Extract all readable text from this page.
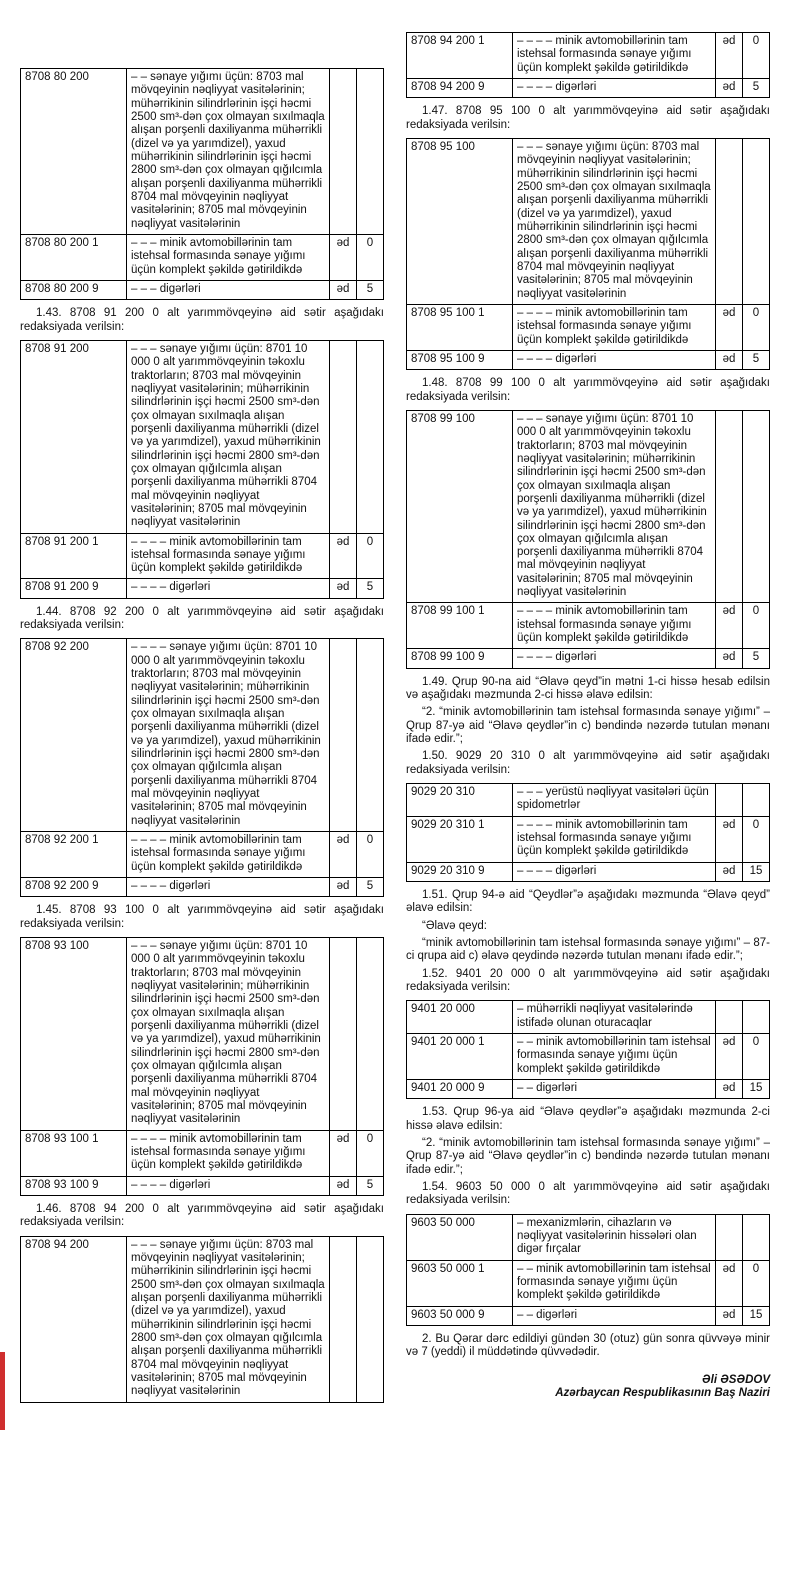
8708 80 200	– – sənaye yığımı üçün: 8703 mal mövqeyinin nəqliyyat vasitələrinin; mühərrikinin silindrlərinin işçi həcmi 2500 sm³-dən çox olmayan sıxılmaqla alışan porşenli daxiliyanma mühərrikli (dizel və ya yarımdizel), yaxud mühərrikinin silindrlərinin işçi həcmi 2800 sm³-dən çox olmayan qığılcımla alışan porşenli daxiliyanma mühərrikli 8704 mal mövqeyinin nəqliyyat vasitələrinin; 8705 mal mövqeyinin nəqliyyat vasitələrinin		
8708 80 200 1	– – – minik avtomobillərinin tam istehsal formasında sənaye yığımı üçün komplekt şəkildə gətirildikdə	əd	0
8708 80 200 9	– – – digərləri	əd	5

1.43. 8708 91 200 0 alt yarımmövqeyinə aid sətir aşağıdakı redaksiyada verilsin:

8708 91 200	– – – sənaye yığımı üçün: 8701 10 000 0 alt yarımmövqeyinin təkoxlu traktorların; 8703 mal mövqeyinin nəqliyyat vasitələrinin; mühərrikinin silindrlərinin işçi həcmi 2500 sm³-dən çox olmayan sıxılmaqla alışan porşenli daxiliyanma mühərrikli (dizel və ya yarımdizel), yaxud mühərrikinin silindrlərinin işçi həcmi 2800 sm³-dən çox olmayan qığılcımla alışan porşenli daxiliyanma mühərrikli 8704 mal mövqeyinin nəqliyyat vasitələrinin; 8705 mal mövqeyinin nəqliyyat vasitələrinin		
8708 91 200 1	– – – – minik avtomobillərinin tam istehsal formasında sənaye yığımı üçün komplekt şəkildə gətirildikdə	əd	0
8708 91 200 9	– – – – digərləri	əd	5

1.44. 8708 92 200 0 alt yarımmövqeyinə aid sətir aşağıdakı redaksiyada verilsin:

8708 92 200	– – – – sənaye yığımı üçün: 8701 10 000 0 alt yarımmövqeyinin təkoxlu traktorların; 8703 mal mövqeyinin nəqliyyat vasitələrinin; mühərrikinin silindrlərinin işçi həcmi 2500 sm³-dən çox olmayan sıxılmaqla alışan porşenli daxiliyanma mühərrikli (dizel və ya yarımdizel), yaxud mühərrikinin silindrlərinin işçi həcmi 2800 sm³-dən çox olmayan qığılcımla alışan porşenli daxiliyanma mühərrikli 8704 mal mövqeyinin nəqliyyat vasitələrinin; 8705 mal mövqeyinin nəqliyyat vasitələrinin		
8708 92 200 1	– – – – minik avtomobillərinin tam istehsal formasında sənaye yığımı üçün komplekt şəkildə gətirildikdə	əd	0
8708 92 200 9	– – – – digərləri	əd	5

1.45. 8708 93 100 0 alt yarımmövqeyinə aid sətir aşağıdakı redaksiyada verilsin:

8708 93 100	– – – sənaye yığımı üçün: 8701 10 000 0 alt yarımmövqeyinin təkoxlu traktorların; 8703 mal mövqeyinin nəqliyyat vasitələrinin; mühərrikinin silindrlərinin işçi həcmi 2500 sm³-dən çox olmayan sıxılmaqla alışan porşenli daxiliyanma mühərrikli (dizel və ya yarımdizel), yaxud mühərrikinin silindrlərinin işçi həcmi 2800 sm³-dən çox olmayan qığılcımla alışan porşenli daxiliyanma mühərrikli 8704 mal mövqeyinin nəqliyyat vasitələrinin; 8705 mal mövqeyinin nəqliyyat vasitələrinin		
8708 93 100 1	– – – – minik avtomobillərinin tam istehsal formasında sənaye yığımı üçün komplekt şəkildə gətirildikdə	əd	0
8708 93 100 9	– – – – digərləri	əd	5

1.46. 8708 94 200 0 alt yarımmövqeyinə aid sətir aşağıdakı redaksiyada verilsin:

8708 94 200	– – – sənaye yığımı üçün: 8703 mal mövqeyinin nəqliyyat vasitələrinin; mühərrikinin silindrlərinin işçi həcmi 2500 sm³-dən çox olmayan sıxılmaqla alışan porşenli daxiliyanma mühərrikli (dizel və ya yarımdizel), yaxud mühərrikinin silindrlərinin işçi həcmi 2800 sm³-dən çox olmayan qığılcımla alışan porşenli daxiliyanma mühərrikli 8704 mal mövqeyinin nəqliyyat vasitələrinin; 8705 mal mövqeyinin nəqliyyat vasitələrinin		
8708 94 200 1	– – – – minik avtomobillərinin tam istehsal formasında sənaye yığımı üçün komplekt şəkildə gətirildikdə	əd	0
8708 94 200 9	– – – – digərləri	əd	5

1.47. 8708 95 100 0 alt yarımmövqeyinə aid sətir aşağıdakı redaksiyada verilsin:

8708 95 100	– – – sənaye yığımı üçün: 8703 mal mövqeyinin nəqliyyat vasitələrinin; mühərrikinin silindrlərinin işçi həcmi 2500 sm³-dən çox olmayan sıxılmaqla alışan porşenli daxiliyanma mühərrikli (dizel və ya yarımdizel), yaxud mühərrikinin silindrlərinin işçi həcmi 2800 sm³-dən çox olmayan qığılcımla alışan porşenli daxiliyanma mühərrikli 8704 mal mövqeyinin nəqliyyat vasitələrinin; 8705 mal mövqeyinin nəqliyyat vasitələrinin		
8708 95 100 1	– – – – minik avtomobillərinin tam istehsal formasında sənaye yığımı üçün komplekt şəkildə gətirildikdə	əd	0
8708 95 100 9	– – – – digərləri	əd	5

1.48. 8708 99 100 0 alt yarımmövqeyinə aid sətir aşağıdakı redaksiyada verilsin:

8708 99 100	– – – sənaye yığımı üçün: 8701 10 000 0 alt yarımmövqeyinin təkoxlu traktorların; 8703 mal mövqeyinin nəqliyyat vasitələrinin; mühərrikinin silindrlərinin işçi həcmi 2500 sm³-dən çox olmayan sıxılmaqla alışan porşenli daxiliyanma mühərrikli (dizel və ya yarımdizel), yaxud mühərrikinin silindrlərinin işçi həcmi 2800 sm³-dən çox olmayan qığılcımla alışan porşenli daxiliyanma mühərrikli 8704 mal mövqeyinin nəqliyyat vasitələrinin; 8705 mal mövqeyinin nəqliyyat vasitələrinin		
8708 99 100 1	– – – – minik avtomobillərinin tam istehsal formasında sənaye yığımı üçün komplekt şəkildə gətirildikdə	əd	0
8708 99 100 9	– – – – digərləri	əd	5

1.49. Qrup 90-na aid “Əlavə qeyd”in mətni 1-ci hissə hesab edilsin və aşağıdakı məzmunda 2-ci hissə əlavə edilsin:

“2. “minik avtomobillərinin tam istehsal formasında sənaye yığımı” – Qrup 87-yə aid “Əlavə qeydlər”in c) bəndində nəzərdə tutulan mənanı ifadə edir.”;

1.50. 9029 20 310 0 alt yarımmövqeyinə aid sətir aşağıdakı redaksiyada verilsin:

9029 20 310	– – – yerüstü nəqliyyat vasitələri üçün spidometrlər		
9029 20 310 1	– – – – minik avtomobillərinin tam istehsal formasında sənaye yığımı üçün komplekt şəkildə gətirildikdə	əd	0
9029 20 310 9	– – – – digərləri	əd	15

1.51. Qrup 94-ə aid “Qeydlər”ə aşağıdakı məzmunda “Əlavə qeyd” əlavə edilsin:

“Əlavə qeyd:

“minik avtomobillərinin tam istehsal formasında sənaye yığımı” – 87-ci qrupa aid c) əlavə qeydində nəzərdə tutulan mənanı ifadə edir.”;

1.52. 9401 20 000 0 alt yarımmövqeyinə aid sətir aşağıdakı redaksiyada verilsin:

9401 20 000	– mühərrikli nəqliyyat vasitələrində istifadə olunan oturacaqlar		
9401 20 000 1	– – minik avtomobillərinin tam istehsal formasında sənaye yığımı üçün komplekt şəkildə gətirildikdə	əd	0
9401 20 000 9	– – digərləri	əd	15

1.53. Qrup 96-ya aid “Əlavə qeydlər”ə aşağıdakı məzmunda 2-ci hissə əlavə edilsin:

“2. “minik avtomobillərinin tam istehsal formasında sənaye yığımı” – Qrup 87-yə aid “Əlavə qeydlər”in c) bəndində nəzərdə tutulan mənanı ifadə edir.”;

1.54. 9603 50 000 0 alt yarımmövqeyinə aid sətir aşağıdakı redaksiyada verilsin:

9603 50 000	– mexanizmlərin, cihazların və nəqliyyat vasitələrinin hissələri olan digər fırçalar		
9603 50 000 1	– – minik avtomobillərinin tam istehsal formasında sənaye yığımı üçün komplekt şəkildə gətirildikdə	əd	0
9603 50 000 9	– – digərləri	əd	15

2. Bu Qərar dərc edildiyi gündən 30 (otuz) gün sonra qüvvəyə minir və 7 (yeddi) il müddətində qüvvədədir.

Əli ƏSƏDOV
Azərbaycan Respublikasının Baş Naziri
